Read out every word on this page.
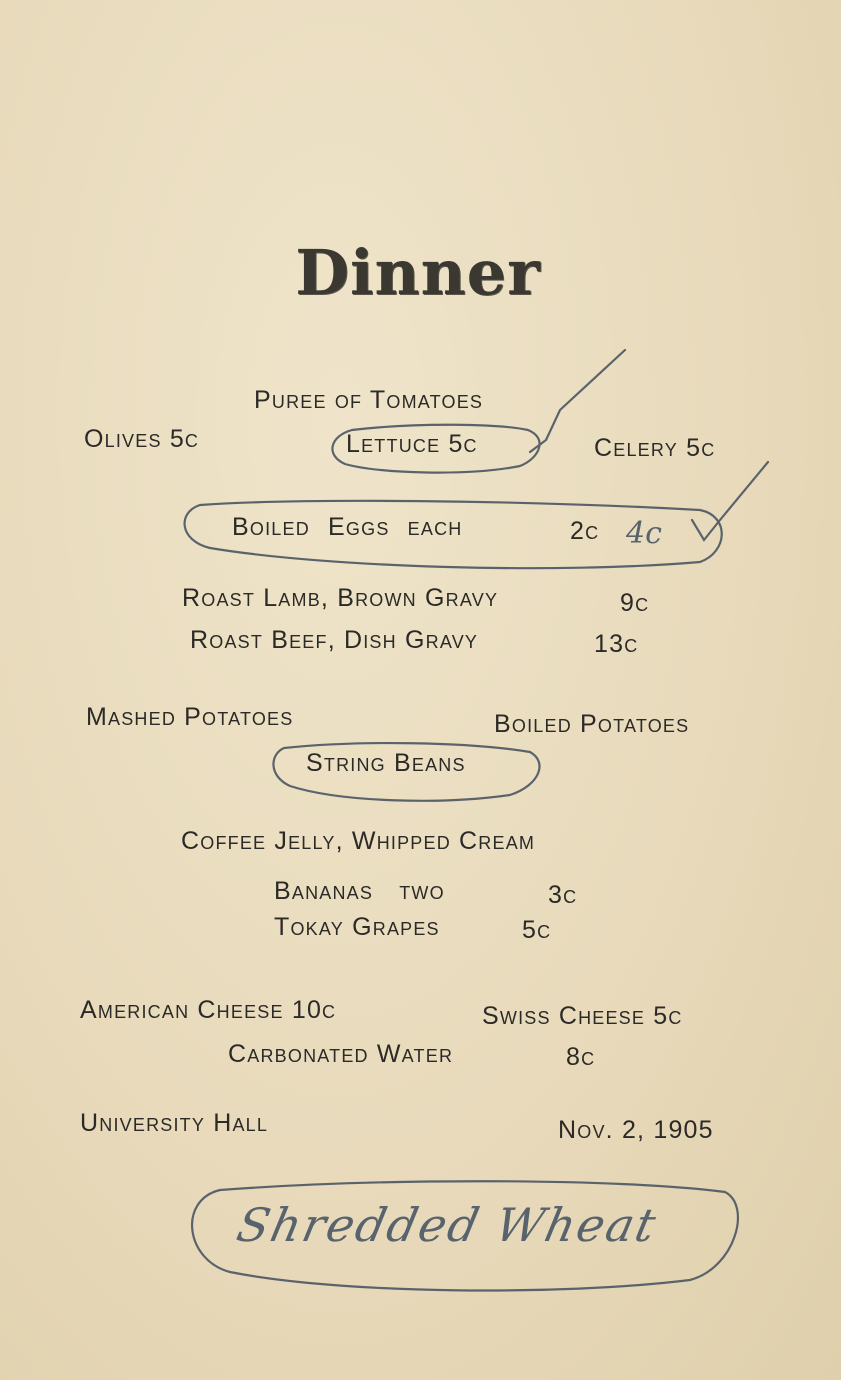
Dinner
Puree of Tomatoes
Olives 5c	Lettuce 5c	Celery 5c
Boiled Eggs each	2c 4c
Roast Lamb, Brown Gravy	9c
Roast Beef, Dish Gravy	13c
Mashed Potatoes	Boiled Potatoes
String Beans
Coffee Jelly, Whipped Cream
Bananas two	3c
Tokay Grapes	5c
American Cheese 10c	Swiss Cheese 5c
Carbonated Water	8c
University Hall	Nov. 2, 1905
Shredded Wheat
